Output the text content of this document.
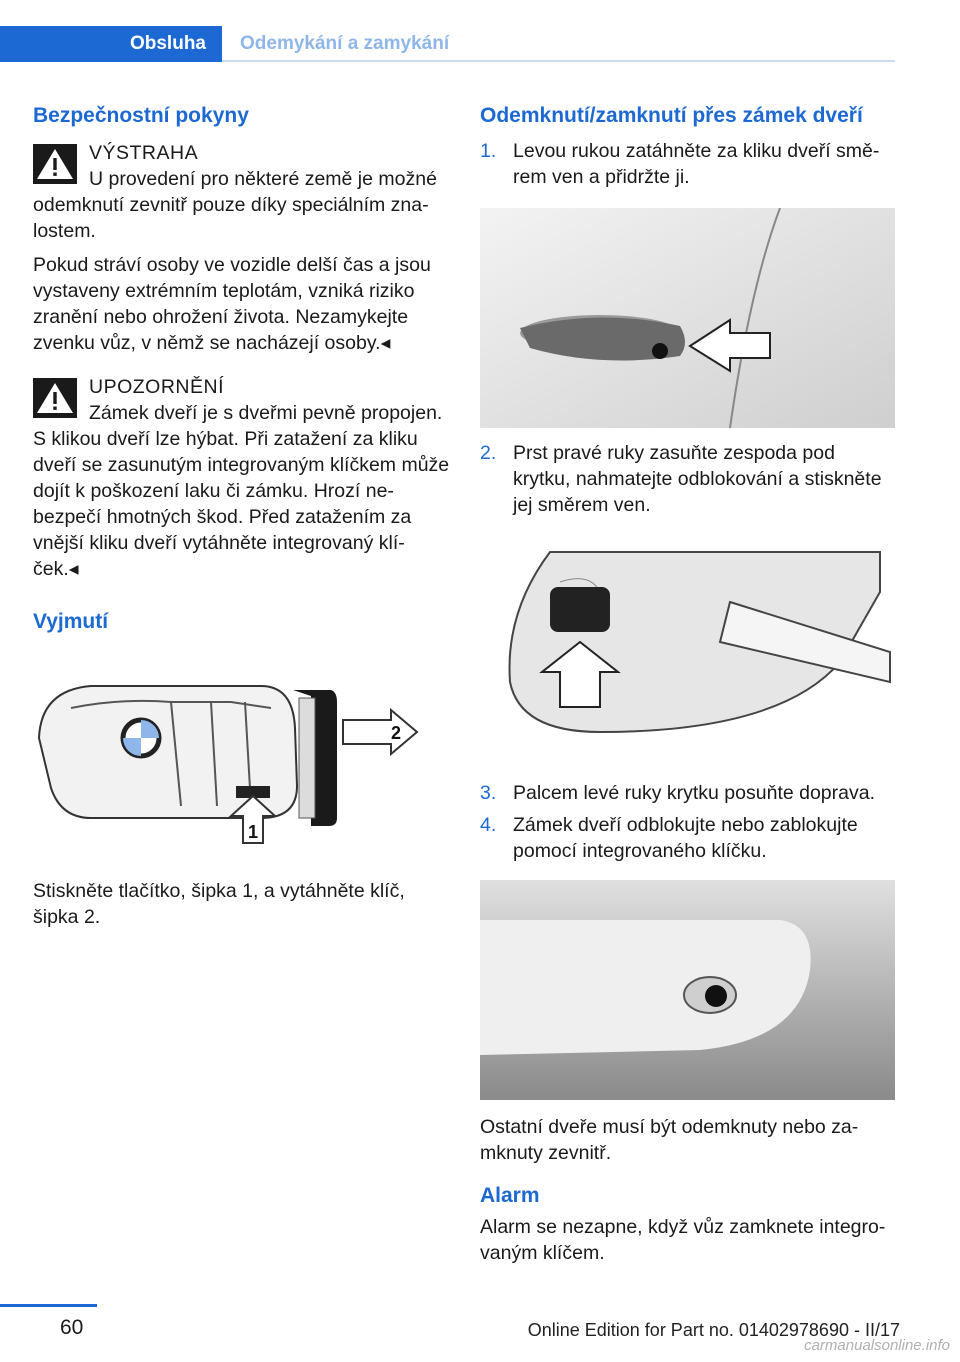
Obsluha	Odemykání a zamykání
Bezpečnostní pokyny
VÝSTRAHA
U provedení pro některé země je možné
odemknutí zevnitř pouze díky speciálním zna- lostem.

Pokud stráví osoby ve vozidle delší čas a jsou vystaveny extrémním teplotám, vzniká riziko zranění nebo ohrožení života. Nezamykejte zvenku vůz, v němž se nacházejí osoby.◂

UPOZORNĚNÍ
Zámek dveří je s dveřmi pevně propojen.
S klikou dveří lze hýbat. Při zatažení za kliku dveří se zasunutým integrovaným klíčkem může dojít k poškození laku či zámku. Hrozí ne- bezpečí hmotných škod. Před zatažením za vnější kliku dveří vytáhněte integrovaný klí- ček.◂
Vyjmutí
2
1

Stiskněte tlačítko, šipka 1, a vytáhněte klíč, šipka 2.

Odemknutí/zamknutí přes zámek dveří
1. Levou rukou zatáhněte za kliku dveří smě- rem ven a přidržte ji.
2. Prst pravé ruky zasuňte zespoda pod krytku, nahmatejte odblokování a stiskněte jej směrem ven.
3. Palcem levé ruky krytku posuňte doprava.
4. Zámek dveří odblokujte nebo zablokujte pomocí integrovaného klíčku.

Ostatní dveře musí být odemknuty nebo za- mknuty zevnitř.

Alarm

Alarm se nezapne, když vůz zamknete integro- vaným klíčem.

60	Online Edition for Part no. 01402978690 - II/17
carmanualsonline.info
